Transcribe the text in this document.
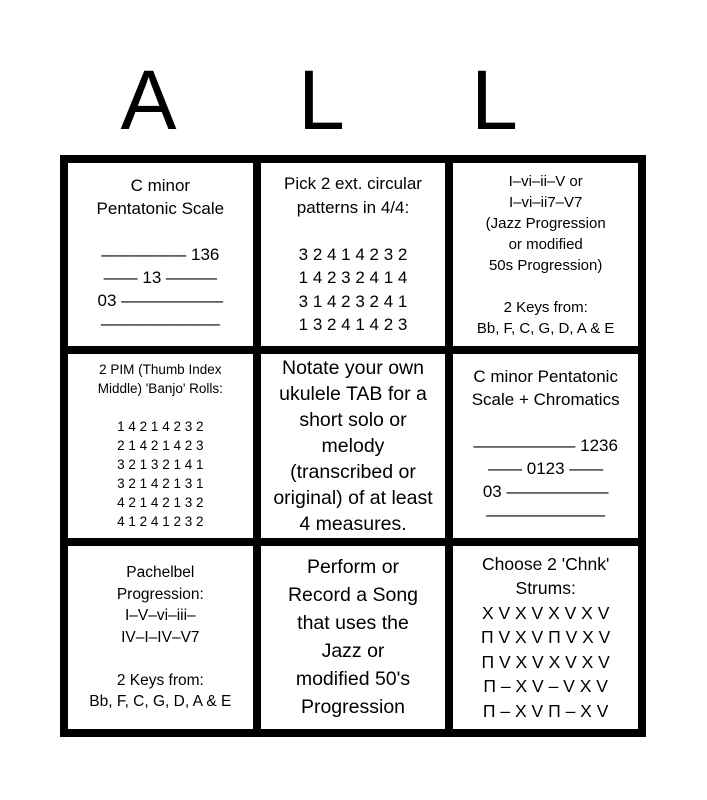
A	L	L
C minor
Pentatonic Scale

————— 136
—— 13 ———
03 ——————
———————
Pick 2 ext. circular
patterns in 4/4:

3 2 4 1 4 2 3 2
1 4 2 3 2 4 1 4
3 1 4 2 3 2 4 1
1 3 2 4 1 4 2 3
I–vi–ii–V or
I–vi–ii7–V7
(Jazz Progression
or modified
50s Progression)

2 Keys from:
Bb, F, C, G, D, A & E
2 PIM (Thumb Index
Middle) 'Banjo' Rolls:

1 4 2 1 4 2 3 2
2 1 4 2 1 4 2 3
3 2 1 3 2 1 4 1
3 2 1 4 2 1 3 1
4 2 1 4 2 1 3 2
4 1 2 4 1 2 3 2
Notate your own
ukulele TAB for a
short solo or
melody
(transcribed or
original) of at least
4 measures.
C minor Pentatonic
Scale + Chromatics

—————— 1236
—— 0123 ——
03 ——————
———————
Pachelbel
Progression:
I–V–vi–iii–
IV–I–IV–V7

2 Keys from:
Bb, F, C, G, D, A & E
Perform or
Record a Song
that uses the
Jazz or
modified 50's
Progression
Choose 2 'Chnk'
Strums:
X V X V X V X V
Π V X V Π V X V
Π V X V X V X V
Π – X V – V X V
Π – X V Π – X V
